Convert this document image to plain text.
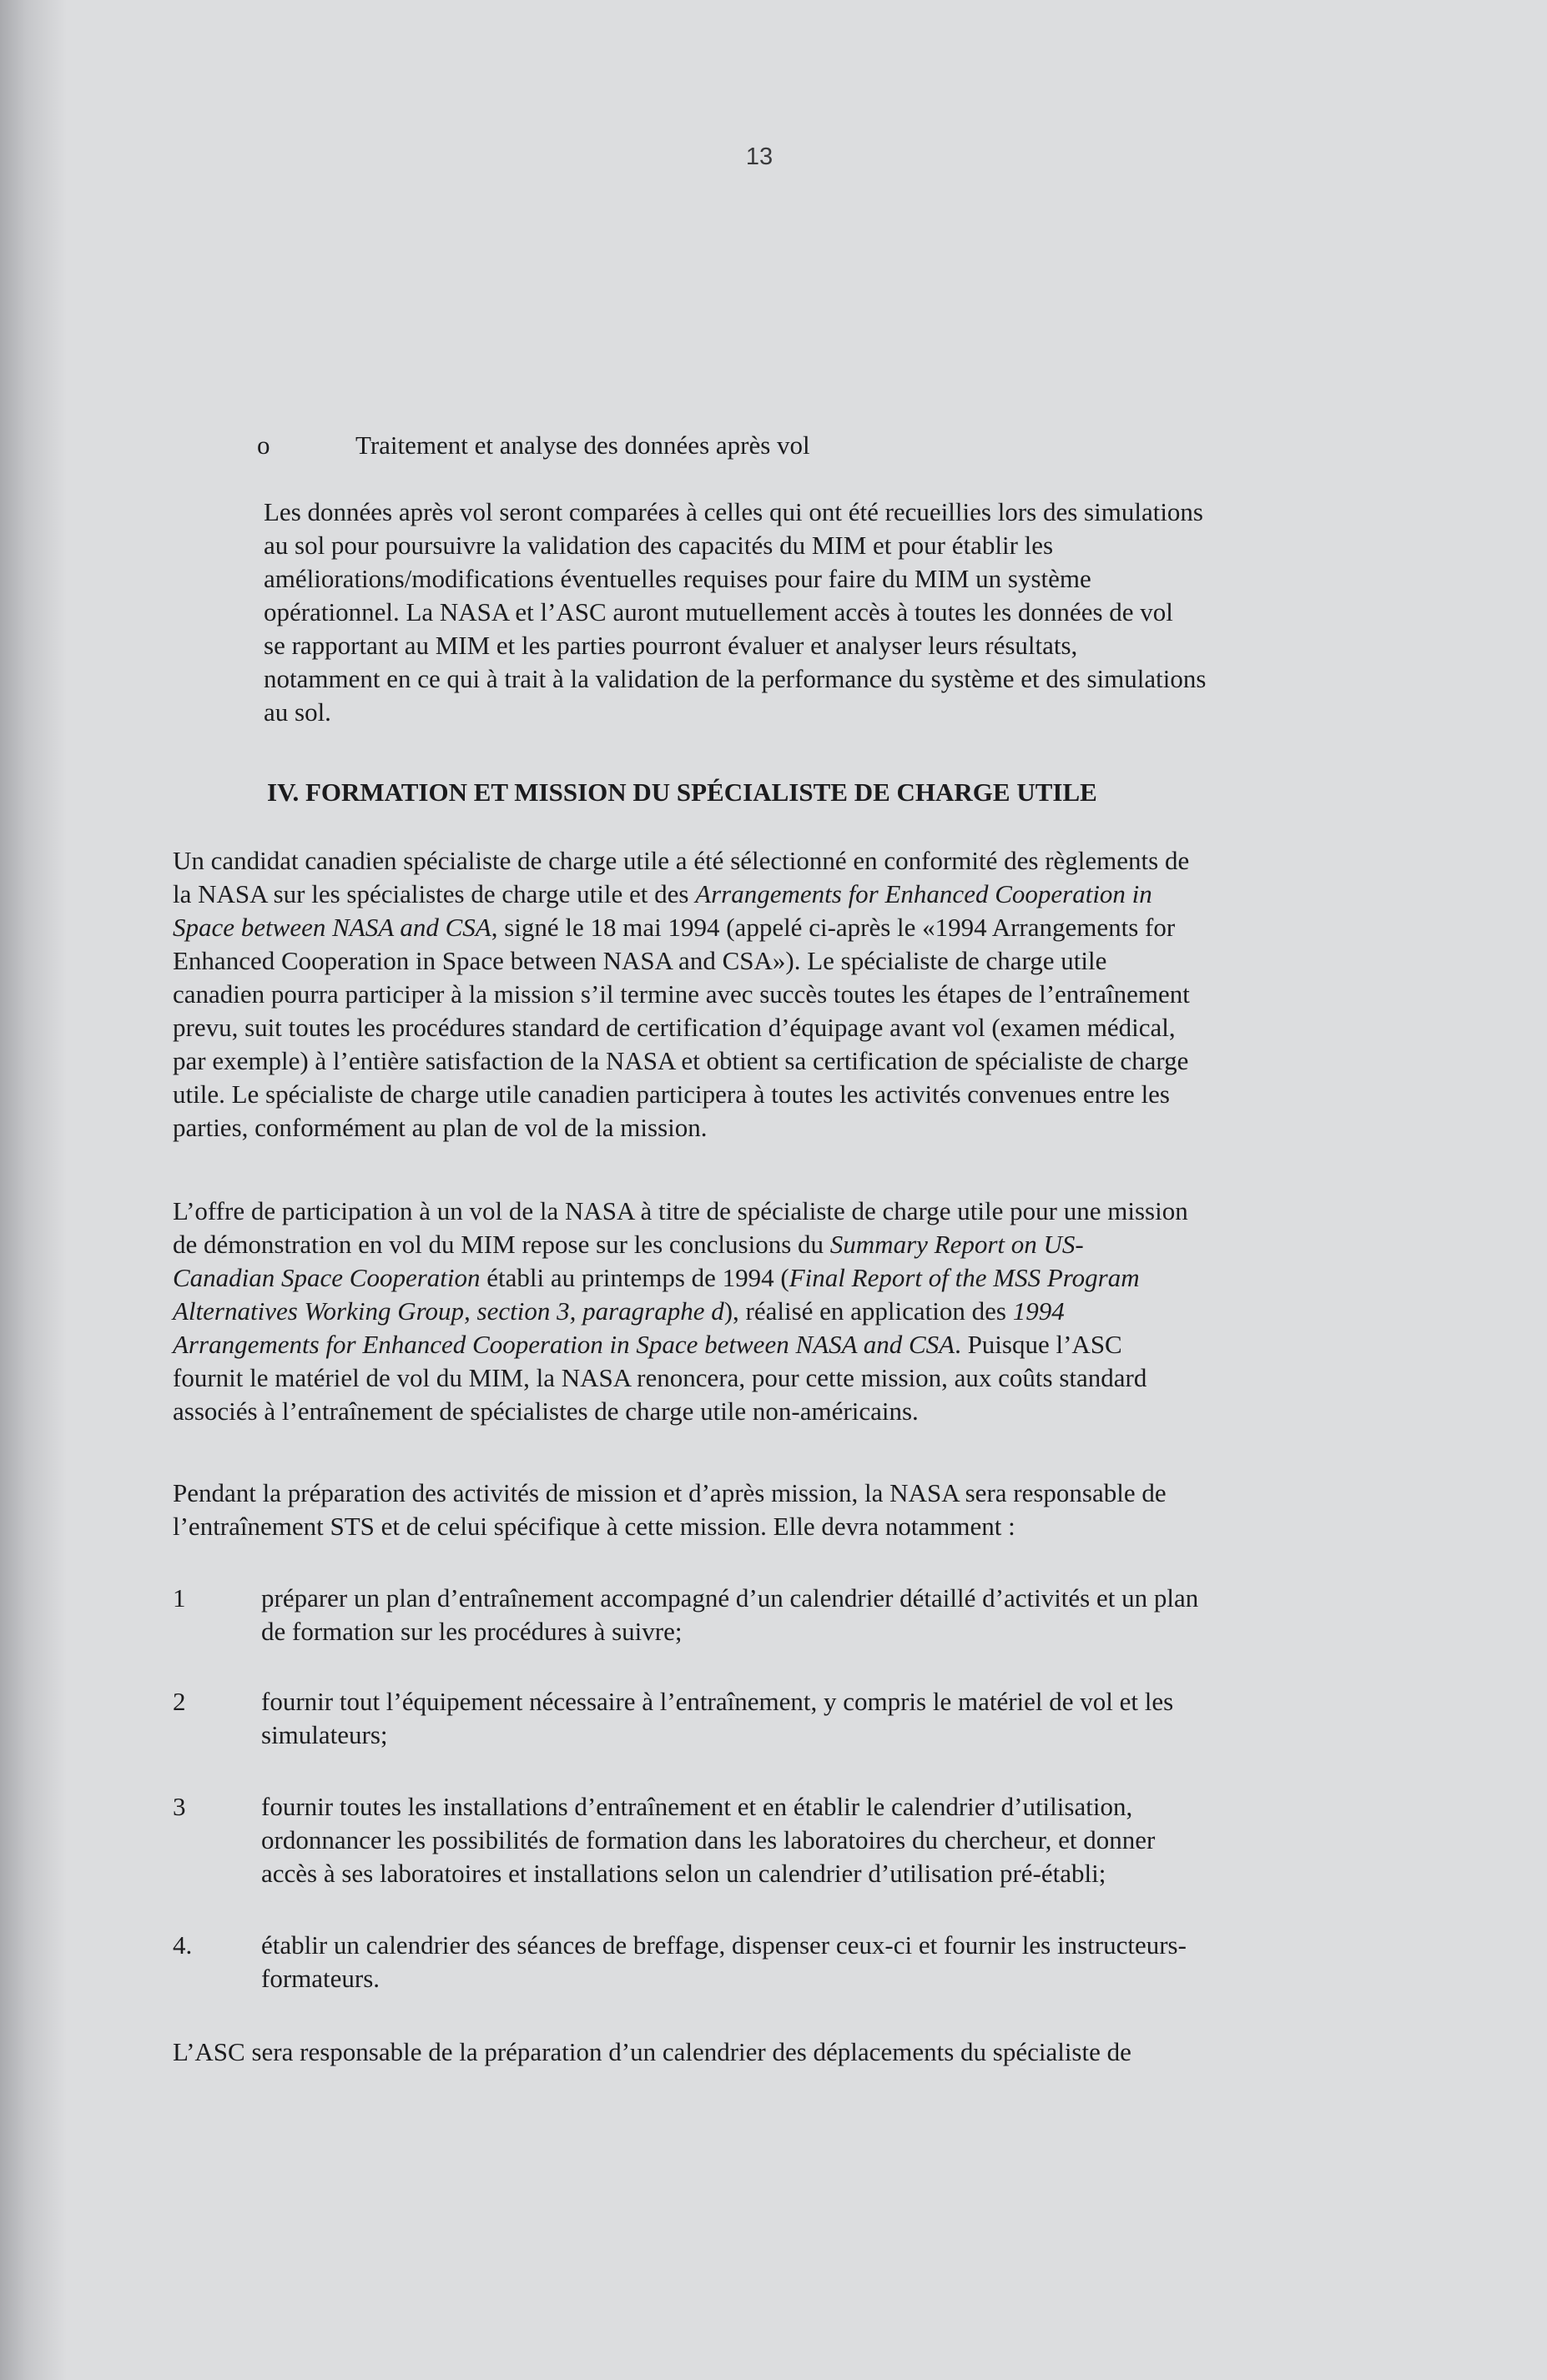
13
o	Traitement et analyse des données après vol
Les données après vol seront comparées à celles qui ont été recueillies lors des simulations
au sol pour poursuivre la validation des capacités du MIM et pour établir les
améliorations/modifications éventuelles requises pour faire du MIM un système
opérationnel. La NASA et l’ASC auront mutuellement accès à toutes les données de vol
se rapportant au MIM et les parties pourront évaluer et analyser leurs résultats,
notamment en ce qui à trait à la validation de la performance du système et des simulations
au sol.
IV. FORMATION ET MISSION DU SPÉCIALISTE DE CHARGE UTILE
Un candidat canadien spécialiste de charge utile a été sélectionné en conformité des règlements de
la NASA sur les spécialistes de charge utile et des Arrangements for Enhanced Cooperation in
Space between NASA and CSA, signé le 18 mai 1994 (appelé ci-après le «1994 Arrangements for
Enhanced Cooperation in Space between NASA and CSA»). Le spécialiste de charge utile
canadien pourra participer à la mission s’il termine avec succès toutes les étapes de l’entraînement
prevu, suit toutes les procédures standard de certification d’équipage avant vol (examen médical,
par exemple) à l’entière satisfaction de la NASA et obtient sa certification de spécialiste de charge
utile. Le spécialiste de charge utile canadien participera à toutes les activités convenues entre les
parties, conformément au plan de vol de la mission.
L’offre de participation à un vol de la NASA à titre de spécialiste de charge utile pour une mission
de démonstration en vol du MIM repose sur les conclusions du Summary Report on US-
Canadian Space Cooperation établi au printemps de 1994 (Final Report of the MSS Program
Alternatives Working Group, section 3, paragraphe d), réalisé en application des 1994
Arrangements for Enhanced Cooperation in Space between NASA and CSA. Puisque l’ASC
fournit le matériel de vol du MIM, la NASA renoncera, pour cette mission, aux coûts standard
associés à l’entraînement de spécialistes de charge utile non-américains.
Pendant la préparation des activités de mission et d’après mission, la NASA sera responsable de
l’entraînement STS et de celui spécifique à cette mission. Elle devra notamment :
1	préparer un plan d’entraînement accompagné d’un calendrier détaillé d’activités et un plan
de formation sur les procédures à suivre;
2	fournir tout l’équipement nécessaire à l’entraînement, y compris le matériel de vol et les
simulateurs;
3	fournir toutes les installations d’entraînement et en établir le calendrier d’utilisation,
ordonnancer les possibilités de formation dans les laboratoires du chercheur, et donner
accès à ses laboratoires et installations selon un calendrier d’utilisation pré-établi;
4.	établir un calendrier des séances de breffage, dispenser ceux-ci et fournir les instructeurs-
formateurs.
L’ASC sera responsable de la préparation d’un calendrier des déplacements du spécialiste de
